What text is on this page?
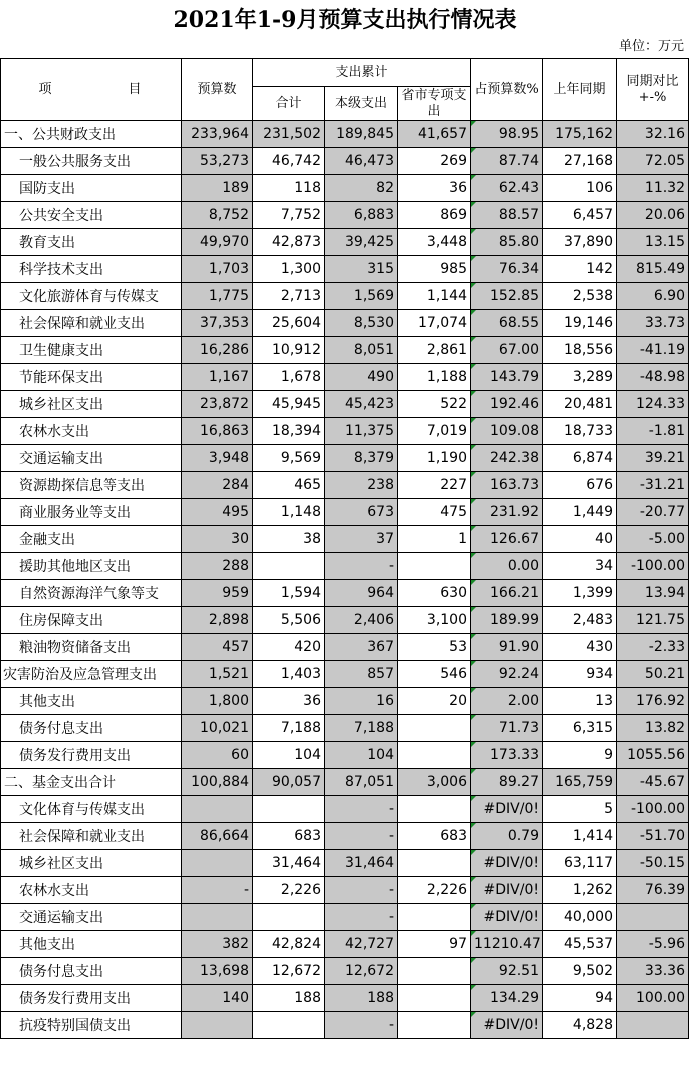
2021年1-9月预算支出执行情况表
单位：万元
项　　　　　目	预算数	支出累计			占预算数%	上年同期	同期对比+-%
		合计	本级支出	省市专项支出			
一、公共财政支出	233,964	231,502	189,845	41,657	98.95	175,162	32.16
一般公共服务支出	53,273	46,742	46,473	269	87.74	27,168	72.05
国防支出	189	118	82	36	62.43	106	11.32
公共安全支出	8,752	7,752	6,883	869	88.57	6,457	20.06
教育支出	49,970	42,873	39,425	3,448	85.80	37,890	13.15
科学技术支出	1,703	1,300	315	985	76.34	142	815.49
文化旅游体育与传媒支	1,775	2,713	1,569	1,144	152.85	2,538	6.90
社会保障和就业支出	37,353	25,604	8,530	17,074	68.55	19,146	33.73
卫生健康支出	16,286	10,912	8,051	2,861	67.00	18,556	-41.19
节能环保支出	1,167	1,678	490	1,188	143.79	3,289	-48.98
城乡社区支出	23,872	45,945	45,423	522	192.46	20,481	124.33
农林水支出	16,863	18,394	11,375	7,019	109.08	18,733	-1.81
交通运输支出	3,948	9,569	8,379	1,190	242.38	6,874	39.21
资源勘探信息等支出	284	465	238	227	163.73	676	-31.21
商业服务业等支出	495	1,148	673	475	231.92	1,449	-20.77
金融支出	30	38	37	1	126.67	40	-5.00
援助其他地区支出	288		-		0.00	34	-100.00
自然资源海洋气象等支	959	1,594	964	630	166.21	1,399	13.94
住房保障支出	2,898	5,506	2,406	3,100	189.99	2,483	121.75
粮油物资储备支出	457	420	367	53	91.90	430	-2.33
灾害防治及应急管理支出	1,521	1,403	857	546	92.24	934	50.21
其他支出	1,800	36	16	20	2.00	13	176.92
债务付息支出	10,021	7,188	7,188		71.73	6,315	13.82
债务发行费用支出	60	104	104		173.33	9	1055.56
二、基金支出合计	100,884	90,057	87,051	3,006	89.27	165,759	-45.67
文化体育与传媒支出			-		#DIV/0!	5	-100.00
社会保障和就业支出	86,664	683	-	683	0.79	1,414	-51.70
城乡社区支出		31,464	31,464		#DIV/0!	63,117	-50.15
农林水支出	-	2,226	-	2,226	#DIV/0!	1,262	76.39
交通运输支出			-		#DIV/0!	40,000	
其他支出	382	42,824	42,727	97	11210.47	45,537	-5.96
债务付息支出	13,698	12,672	12,672		92.51	9,502	33.36
债务发行费用支出	140	188	188		134.29	94	100.00
抗疫特别国债支出			-		#DIV/0!	4,828	
